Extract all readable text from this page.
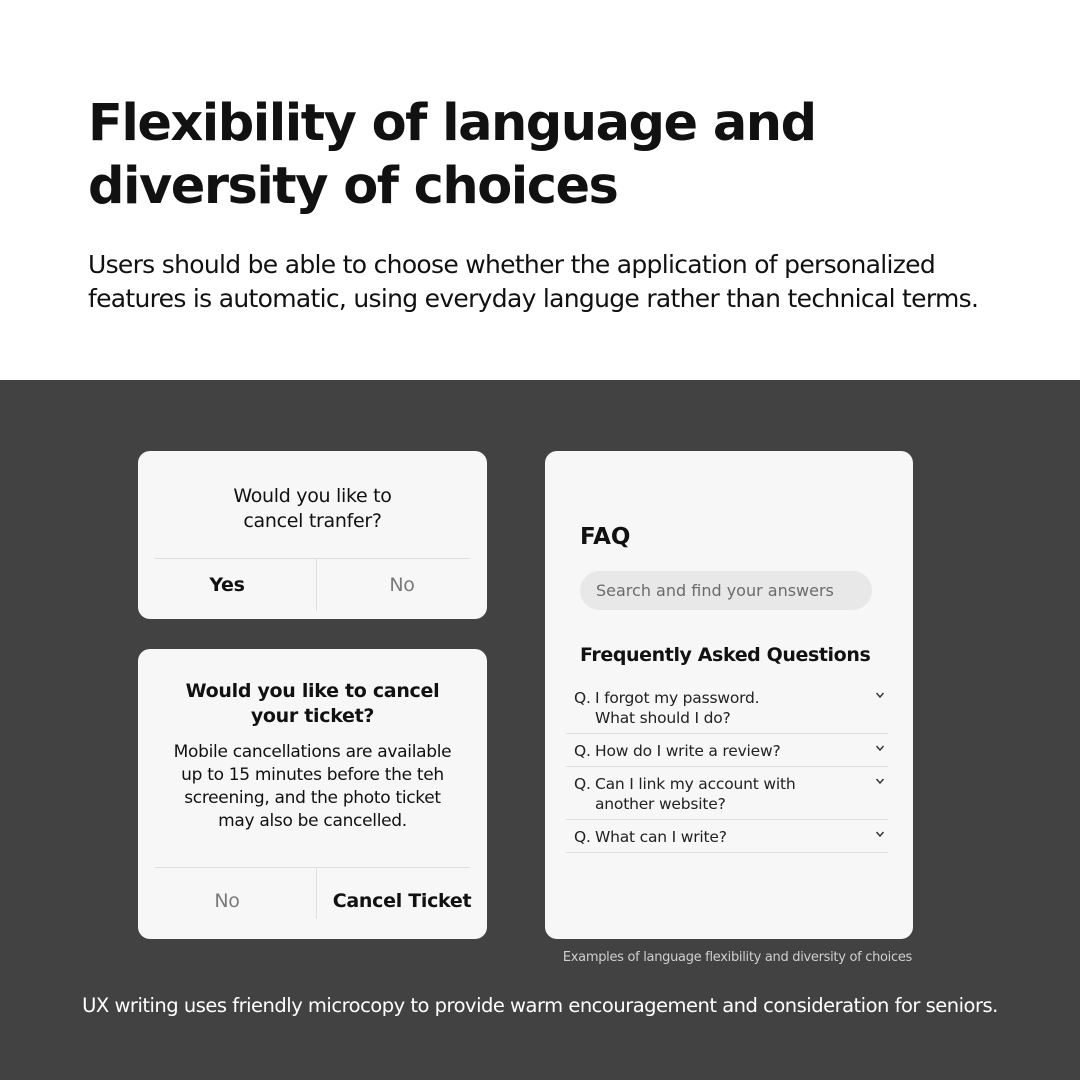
Flexibility of language and
diversity of choices

Users should be able to choose whether the application of personalized
features is automatic, using everyday languge rather than technical terms.

Would you like to
cancel tranfer?

Yes	No

Would you like to cancel
your ticket?

Mobile cancellations are available
up to 15 minutes before the teh
screening, and the photo ticket
may also be cancelled.

No	Cancel Ticket
FAQ
Search and find your answers
Frequently Asked Questions
Q. I forgot my password.
What should I do?
Q. How do I write a review?
Q. Can I link my account with
another website?
Q. What can I write?

Examples of language flexibility and diversity of choices

UX writing uses friendly microcopy to provide warm encouragement and consideration for seniors.
